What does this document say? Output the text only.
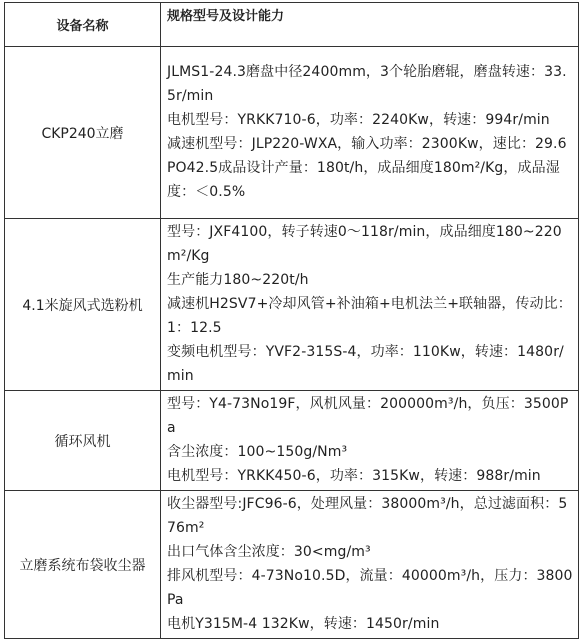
设备名称	规格型号及设计能力
CKP240立磨	JLMS1-24.3磨盘中径2400mm，3个轮胎磨辊，磨盘转速：33.5r/min
电机型号：YRKK710-6，功率：2240Kw，转速：994r/min
减速机型号：JLP220-WXA，输入功率：2300Kw，速比：29.6
PO42.5成品设计产量：180t/h，成品细度180m²/Kg，成品湿度：＜0.5%

4.1米旋风式选粉机	型号：JXF4100，转子转速0～118r/min，成品细度180~220m²/Kg
生产能力180~220t/h
减速机H2SV7+冷却风管+补油箱+电机法兰+联轴器，传动比：1：12.5
变频电机型号：YVF2-315S-4，功率：110Kw，转速：1480r/min

循环风机	型号：Y4-73No19F，风机风量：200000m³/h，负压：3500Pa
含尘浓度：100~150g/Nm³
电机型号：YRKK450-6，功率：315Kw，转速：988r/min

立磨系统布袋收尘器	收尘器型号:JFC96-6，处理风量：38000m³/h，总过滤面积：576m²
出口气体含尘浓度：30<mg/m³
排风机型号：4-73No10.5D，流量：40000m³/h，压力：3800Pa
电机Y315M-4 132Kw，转速：1450r/min
